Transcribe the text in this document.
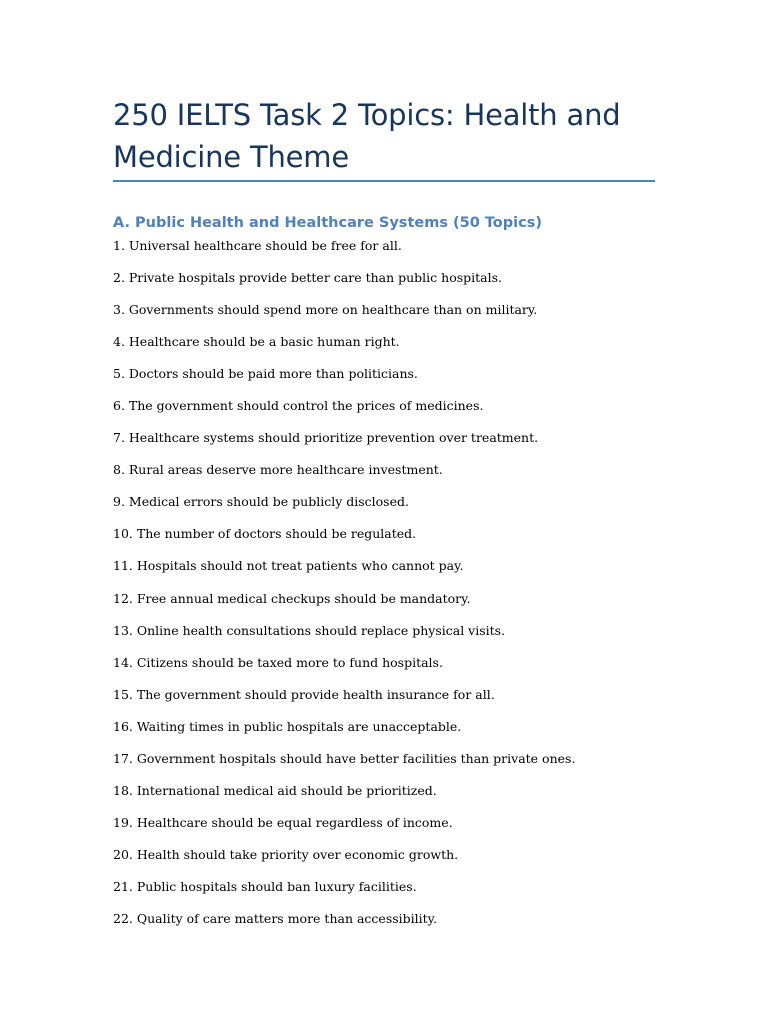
250 IELTS Task 2 Topics: Health and Medicine Theme
A. Public Health and Healthcare Systems (50 Topics)
1. Universal healthcare should be free for all.
2. Private hospitals provide better care than public hospitals.
3. Governments should spend more on healthcare than on military.
4. Healthcare should be a basic human right.
5. Doctors should be paid more than politicians.
6. The government should control the prices of medicines.
7. Healthcare systems should prioritize prevention over treatment.
8. Rural areas deserve more healthcare investment.
9. Medical errors should be publicly disclosed.
10. The number of doctors should be regulated.
11. Hospitals should not treat patients who cannot pay.
12. Free annual medical checkups should be mandatory.
13. Online health consultations should replace physical visits.
14. Citizens should be taxed more to fund hospitals.
15. The government should provide health insurance for all.
16. Waiting times in public hospitals are unacceptable.
17. Government hospitals should have better facilities than private ones.
18. International medical aid should be prioritized.
19. Healthcare should be equal regardless of income.
20. Health should take priority over economic growth.
21. Public hospitals should ban luxury facilities.
22. Quality of care matters more than accessibility.
